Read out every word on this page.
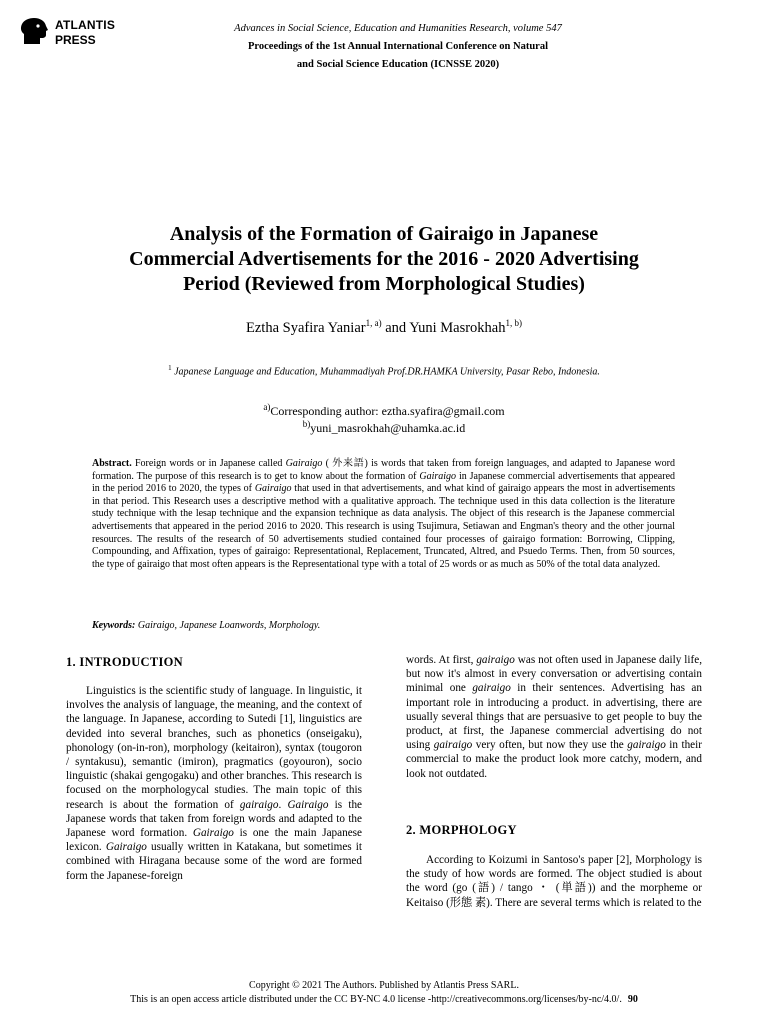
ATLANTIS
PRESS
Advances in Social Science, Education and Humanities Research, volume 547
Proceedings of the 1st Annual International Conference on Natural
and Social Science Education (ICNSSE 2020)
Analysis of the Formation of Gairaigo in Japanese
Commercial Advertisements for the 2016 - 2020 Advertising
Period (Reviewed from Morphological Studies)
Eztha Syafira Yaniar$^{1, a)}$ and Yuni Masrokhah$^{1, b)}$
$^1$ Japanese Language and Education, Muhammadiyah Prof.DR.HAMKA University, Pasar Rebo, Indonesia.
$^{a)}$Corresponding author: eztha.syafira@gmail.com
$^{b)}$yuni_masrokhah@uhamka.ac.id
Abstract. Foreign words or in Japanese called Gairaigo ( 外来語) is words that taken from foreign languages, and adapted to Japanese word formation. The purpose of this research is to get to know about the formation of Gairaigo in Japanese commercial advertisements that appeared in the period 2016 to 2020, the types of Gairaigo that used in that advertisements, and what kind of gairaigo appears the most in advertisements in that period. This Research uses a descriptive method with a qualitative approach. The technique used in this data collection is the literature study technique with the lesap technique and the expansion technique as data analysis. The object of this research is the Japanese commercial advertisements that appeared in the period 2016 to 2020. This research is using Tsujimura, Setiawan and Engman's theory and the other journal resources. The results of the research of 50 advertisements studied contained four processes of gairaigo formation: Borrowing, Clipping, Compounding, and Affixation, types of gairaigo: Representational, Replacement, Truncated, Altred, and Psuedo Terms. Then, from 50 sources, the type of gairaigo that most often appears is the Representational type with a total of 25 words or as much as 50% of the total data analyzed.
Keywords: Gairaigo, Japanese Loanwords, Morphology.
1. INTRODUCTION
Linguistics is the scientific study of language. In linguistic, it involves the analysis of language, the meaning, and the context of the language. In Japanese, according to Sutedi [1], linguistics are devided into several branches, such as phonetics (onseigaku), phonology (on-in-ron), morphology (keitairon), syntax (tougoron / syntakusu), semantic (imiron), pragmatics (goyouron), socio linguistic (shakai gengogaku) and other branches. This research is focused on the morphologycal studies. The main topic of this research is about the formation of gairaigo. Gairaigo is the Japanese words that taken from foreign words and adapted to the Japanese word formation. Gairaigo is one the main Japanese lexicon. Gairaigo usually written in Katakana, but sometimes it combined with Hiragana because some of the word are formed form the Japanese-foreign
words. At first, gairaigo was not often used in Japanese daily life, but now it's almost in every conversation or advertising contain minimal one gairaigo in their sentences. Advertising has an important role in introducing a product. in advertising, there are usually several things that are persuasive to get people to buy the product, at first, the Japanese commercial advertising do not using gairaigo very often, but now they use the gairaigo in their commercial to make the product look more catchy, modern, and look not outdated.
2. MORPHOLOGY
According to Koizumi in Santoso's paper [2], Morphology is the study of how words are formed. The object studied is about the word (go (語) / tango ・ (単語)) and the morpheme or Keitaiso (形態 素). There are several terms which is related to the
Copyright © 2021 The Authors. Published by Atlantis Press SARL.
This is an open access article distributed under the CC BY-NC 4.0 license -http://creativecommons.org/licenses/by-nc/4.0/. 90
